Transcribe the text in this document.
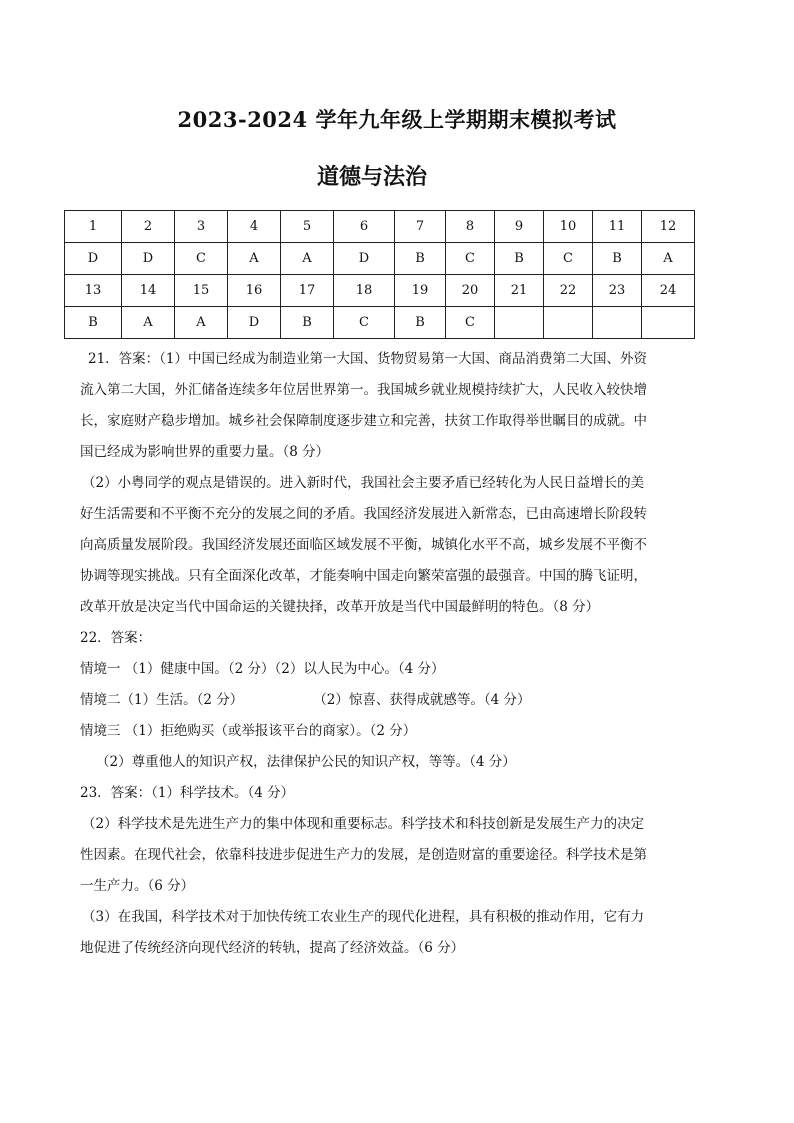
2023-2024 学年九年级上学期期末模拟考试
道德与法治
1	2	3	4	5	6	7	8	9	10	11	12
D	D	C	A	A	D	B	C	B	C	B	A
13	14	15	16	17	18	19	20	21	22	23	24
B	A	A	D	B	C	B	C				

21．答案：（1）中国已经成为制造业第一大国、货物贸易第一大国、商品消费第二大国、外资

流入第二大国，外汇储备连续多年位居世界第一。我国城乡就业规模持续扩大，人民收入较快增

长，家庭财产稳步增加。城乡社会保障制度逐步建立和完善，扶贫工作取得举世瞩目的成就。中

国已经成为影响世界的重要力量。（8 分）

（2）小粤同学的观点是错误的。进入新时代，我国社会主要矛盾已经转化为人民日益增长的美

好生活需要和不平衡不充分的发展之间的矛盾。我国经济发展进入新常态，已由高速增长阶段转

向高质量发展阶段。我国经济发展还面临区域发展不平衡，城镇化水平不高，城乡发展不平衡不

协调等现实挑战。只有全面深化改革，才能奏响中国走向繁荣富强的最强音。中国的腾飞证明，

改革开放是决定当代中国命运的关键抉择，改革开放是当代中国最鲜明的特色。（8 分）

22．答案：

情境一 （1）健康中国。（2 分）（2）以人民为中心。（4 分）

情境二（1）生活。（2 分）	（2）惊喜、获得成就感等。（4 分）

情境三 （1）拒绝购买（或举报该平台的商家）。（2 分）

（2）尊重他人的知识产权，法律保护公民的知识产权，等等。（4 分）

23．答案：（1）科学技术。（4 分）

（2）科学技术是先进生产力的集中体现和重要标志。科学技术和科技创新是发展生产力的决定

性因素。在现代社会，依靠科技进步促进生产力的发展，是创造财富的重要途径。科学技术是第

一生产力。（6 分）

（3）在我国，科学技术对于加快传统工农业生产的现代化进程，具有积极的推动作用，它有力

地促进了传统经济向现代经济的转轨，提高了经济效益。（6 分）
